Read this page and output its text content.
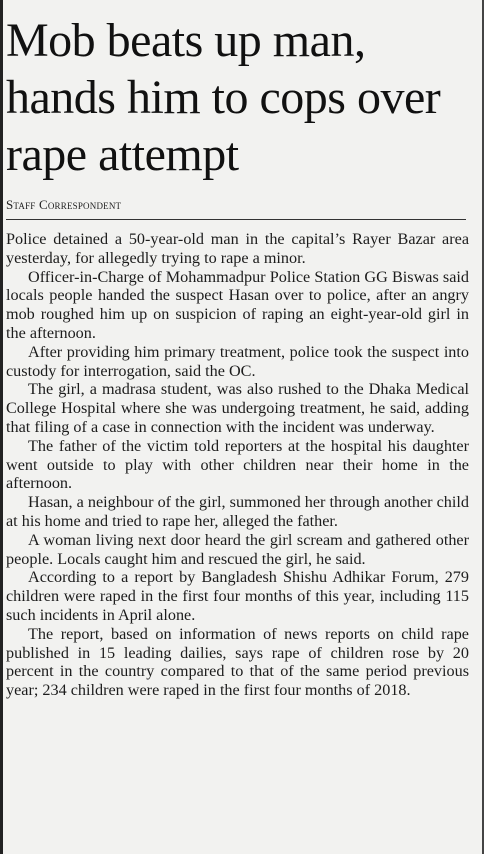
Mob beats up man, hands him to cops over rape attempt
Staff Correspondent

Police detained a 50-year-old man in the capital’s Rayer Bazar area yesterday, for allegedly trying to rape a minor.

Officer-in-Charge of Mohammadpur Police Station GG Biswas said locals people handed the suspect Hasan over to police, after an angry mob roughed him up on suspicion of raping an eight-year-old girl in the afternoon.

After providing him primary treatment, police took the suspect into custody for interrogation, said the OC.

The girl, a madrasa student, was also rushed to the Dhaka Medical College Hospital where she was undergoing treatment, he said, adding that filing of a case in connection with the incident was underway.

The father of the victim told reporters at the hospital his daughter went outside to play with other children near their home in the afternoon.

Hasan, a neighbour of the girl, summoned her through another child at his home and tried to rape her, alleged the father.

A woman living next door heard the girl scream and gathered other people. Locals caught him and rescued the girl, he said.

According to a report by Bangladesh Shishu Adhikar Forum, 279 children were raped in the first four months of this year, including 115 such incidents in April alone.

The report, based on information of news reports on child rape published in 15 leading dailies, says rape of children rose by 20 percent in the country compared to that of the same period previous year; 234 children were raped in the first four months of 2018.
